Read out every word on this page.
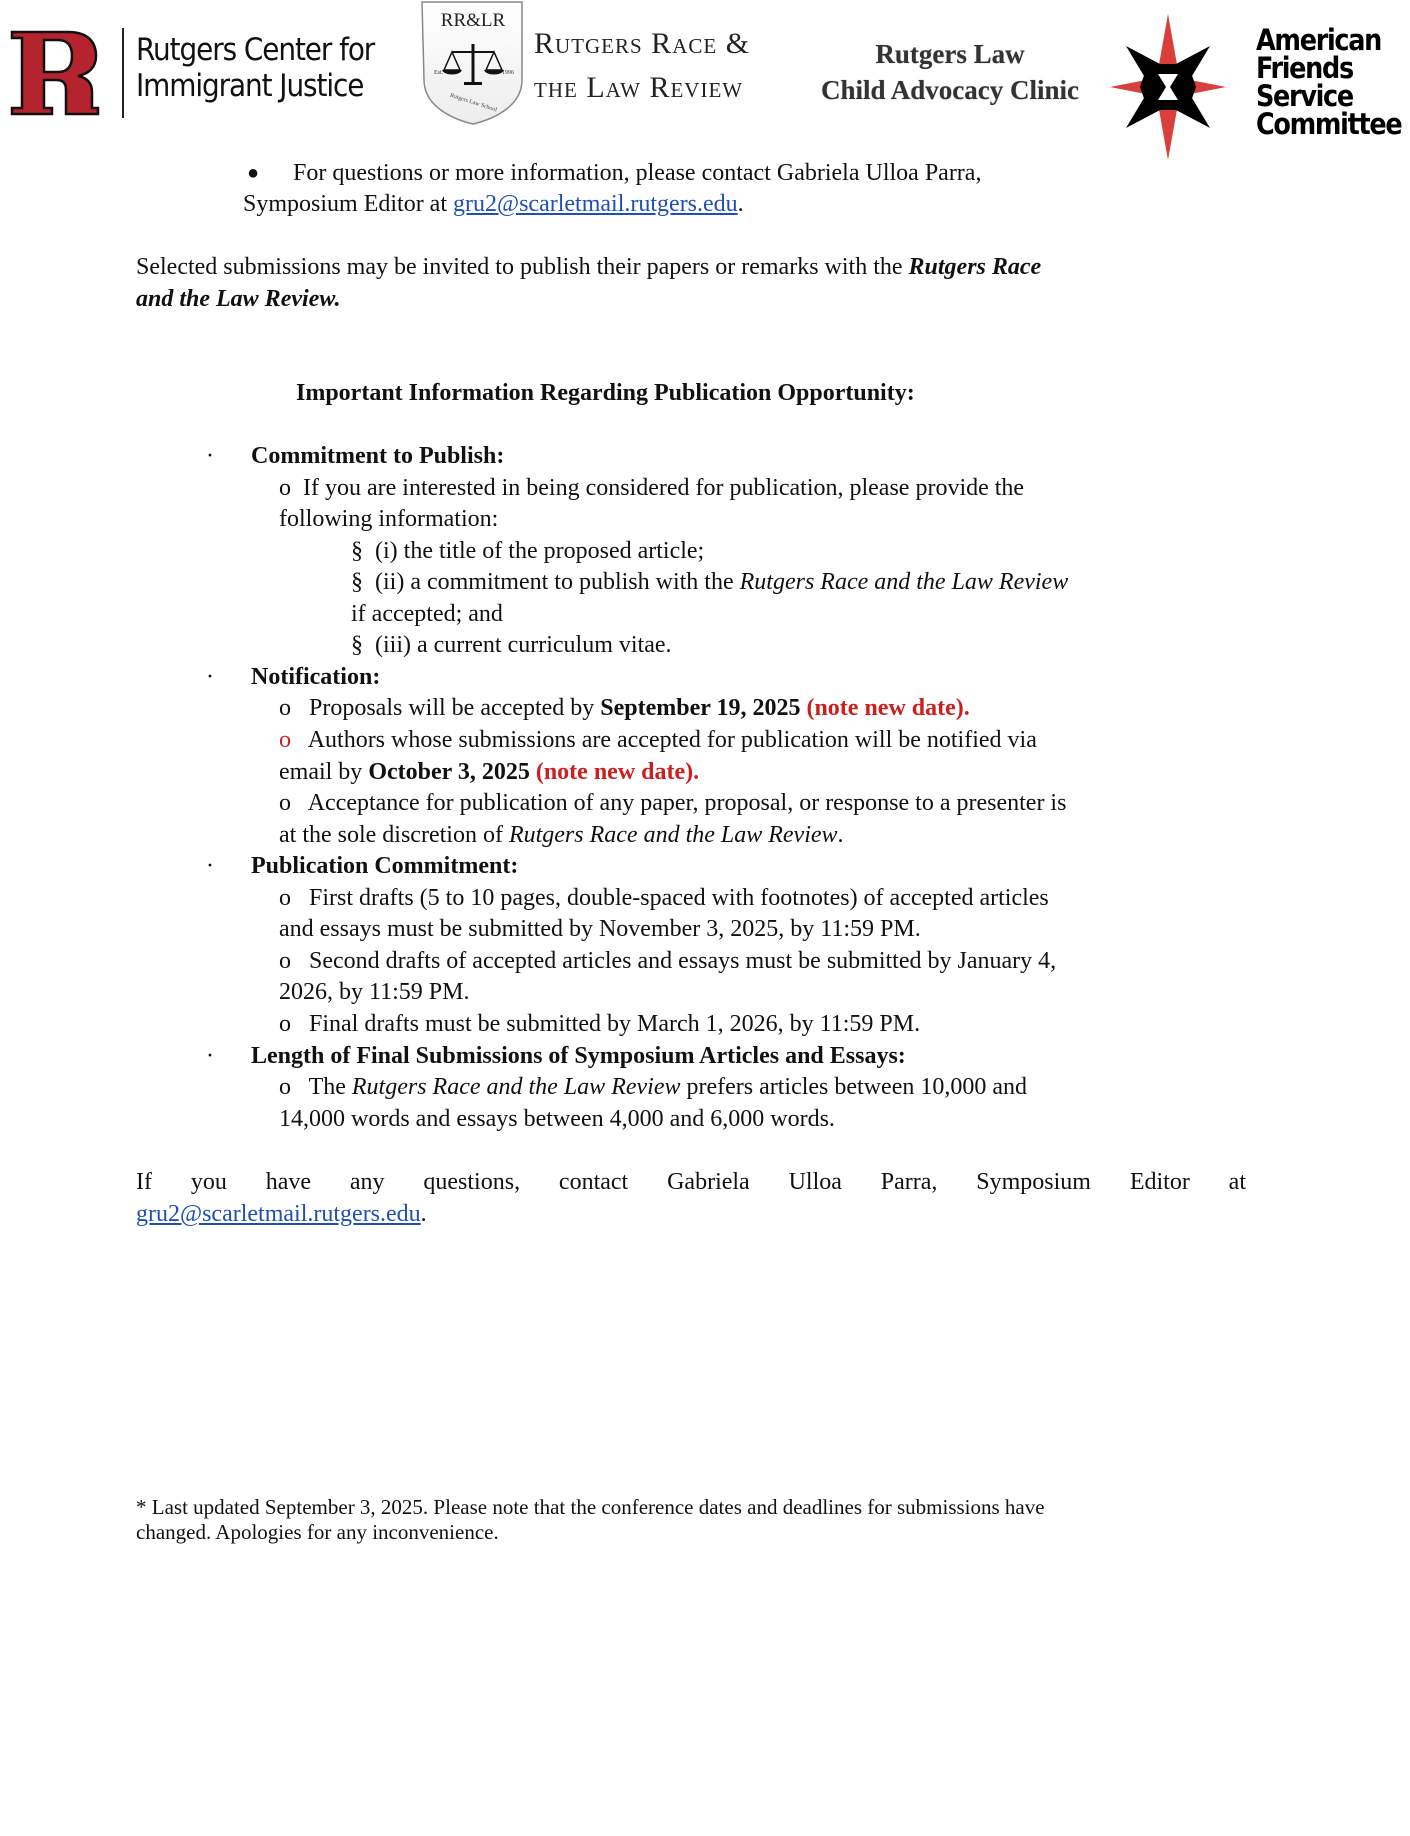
Rutgers Center for
Immigrant Justice
RR&LR
Est.	1996
Rutgers Law School
Rutgers Race &
the Law Review
Rutgers Law
Child Advocacy Clinic
American
Friends
Service
Committee
● For questions or more information, please contact Gabriela Ulloa Parra,
Symposium Editor at gru2@scarletmail.rutgers.edu.
Selected submissions may be invited to publish their papers or remarks with the Rutgers Race
and the Law Review.
Important Information Regarding Publication Opportunity:
· Commitment to Publish:
o If you are interested in being considered for publication, please provide the
following information:
§ (i) the title of the proposed article;
§ (ii) a commitment to publish with the Rutgers Race and the Law Review
if accepted; and
§ (iii) a current curriculum vitae.
· Notification:
o Proposals will be accepted by September 19, 2025 (note new date).
o Authors whose submissions are accepted for publication will be notified via
email by October 3, 2025 (note new date).
o Acceptance for publication of any paper, proposal, or response to a presenter is
at the sole discretion of Rutgers Race and the Law Review.
· Publication Commitment:
o First drafts (5 to 10 pages, double-spaced with footnotes) of accepted articles
and essays must be submitted by November 3, 2025, by 11:59 PM.
o Second drafts of accepted articles and essays must be submitted by January 4,
2026, by 11:59 PM.
o Final drafts must be submitted by March 1, 2026, by 11:59 PM.
· Length of Final Submissions of Symposium Articles and Essays:
o The Rutgers Race and the Law Review prefers articles between 10,000 and
14,000 words and essays between 4,000 and 6,000 words.
If you have any questions, contact Gabriela Ulloa Parra, Symposium Editor at
gru2@scarletmail.rutgers.edu.
* Last updated September 3, 2025. Please note that the conference dates and deadlines for submissions have
changed. Apologies for any inconvenience.
